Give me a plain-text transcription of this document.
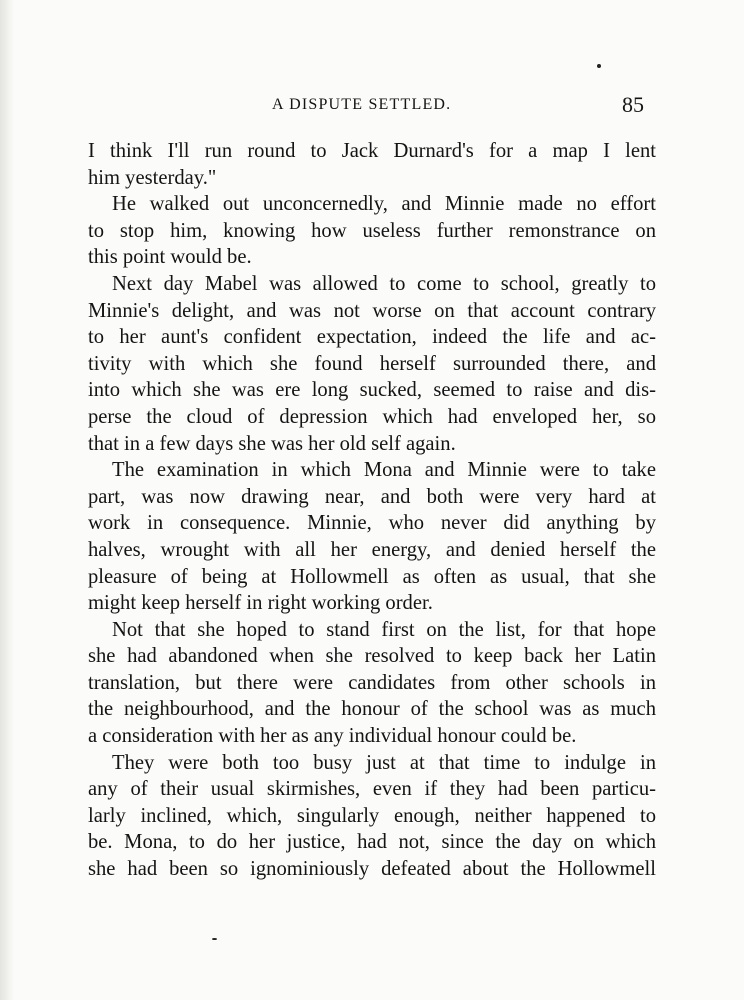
A DISPUTE SETTLED.	85
I think I'll run round to Jack Durnard's for a map I lent
him yesterday."
He walked out unconcernedly, and Minnie made no effort
to stop him, knowing how useless further remonstrance on
this point would be.
Next day Mabel was allowed to come to school, greatly to
Minnie's delight, and was not worse on that account contrary
to her aunt's confident expectation, indeed the life and ac-
tivity with which she found herself surrounded there, and
into which she was ere long sucked, seemed to raise and dis-
perse the cloud of depression which had enveloped her, so
that in a few days she was her old self again.
The examination in which Mona and Minnie were to take
part, was now drawing near, and both were very hard at
work in consequence. Minnie, who never did anything by
halves, wrought with all her energy, and denied herself the
pleasure of being at Hollowmell as often as usual, that she
might keep herself in right working order.
Not that she hoped to stand first on the list, for that hope
she had abandoned when she resolved to keep back her Latin
translation, but there were candidates from other schools in
the neighbourhood, and the honour of the school was as much
a consideration with her as any individual honour could be.
They were both too busy just at that time to indulge in
any of their usual skirmishes, even if they had been particu-
larly inclined, which, singularly enough, neither happened to
be. Mona, to do her justice, had not, since the day on which
she had been so ignominiously defeated about the Hollowmell
